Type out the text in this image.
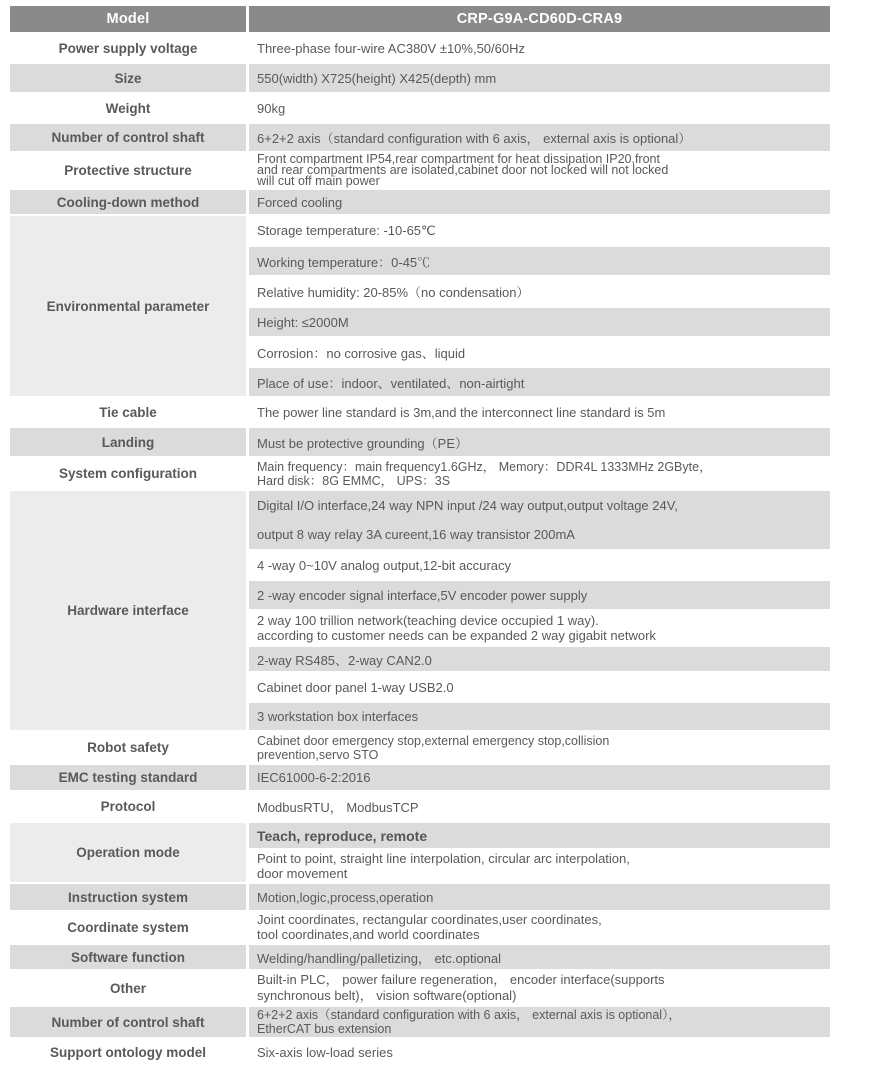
Model	CRP-G9A-CD60D-CRA9
Power supply voltage	Three-phase four-wire AC380V ±10%,50/60Hz
Size	550(width) X725(height) X425(depth) mm
Weight	90kg
Number of control shaft	6+2+2 axis（standard configuration with 6 axis， external axis is optional）
Protective structure	Front compartment IP54,rear compartment for heat dissipation IP20,front
and rear compartments are isolated,cabinet door not locked will not locked
will cut off main power

Cooling-down method	Forced cooling
Environmental parameter	Storage temperature: -10-65℃
	Working temperature：0-45℃
	Relative humidity: 20-85%（no condensation）
	Height: ≤2000M
	Corrosion：no corrosive gas、liquid
	Place of use：indoor、ventilated、non-airtight
Tie cable	The power line standard is 3m,and the interconnect line standard is 5m
Landing	Must be protective grounding（PE）
System configuration	Main frequency：main frequency1.6GHz， Memory：DDR4L 1333MHz 2GByte，
Hard disk：8G EMMC， UPS：3S

Hardware interface	Digital I/O interface,24 way NPN input /24 way output,output voltage 24V,
output 8 way relay 3A cureent,16 way transistor 200mA

	4 -way 0~10V analog output,12-bit accuracy
	2 -way encoder signal interface,5V encoder power supply

	2 way 100 trillion network(teaching device occupied 1 way).
according to customer needs can be expanded 2 way gigabit network

	2-way RS485、2-way CAN2.0
	Cabinet door panel 1-way USB2.0
	3 workstation box interfaces
Robot safety	Cabinet door emergency stop,external emergency stop,collision
prevention,servo STO

EMC testing standard	IEC61000-6-2:2016
Protocol	ModbusRTU， ModbusTCP
Operation mode	Teach, reproduce, remote

	Point to point, straight line interpolation, circular arc interpolation,
door movement

Instruction system	Motion,logic,process,operation
Coordinate system	Joint coordinates, rectangular coordinates,user coordinates,
tool coordinates,and world coordinates

Software function	Welding/handling/palletizing， etc.optional
Other	Built-in PLC， power failure regeneration， encoder interface(supports
synchronous belt)， vision software(optional)

Number of control shaft	6+2+2 axis（standard configuration with 6 axis， external axis is optional），
EtherCAT bus extension

Support ontology model	Six-axis low-load series
